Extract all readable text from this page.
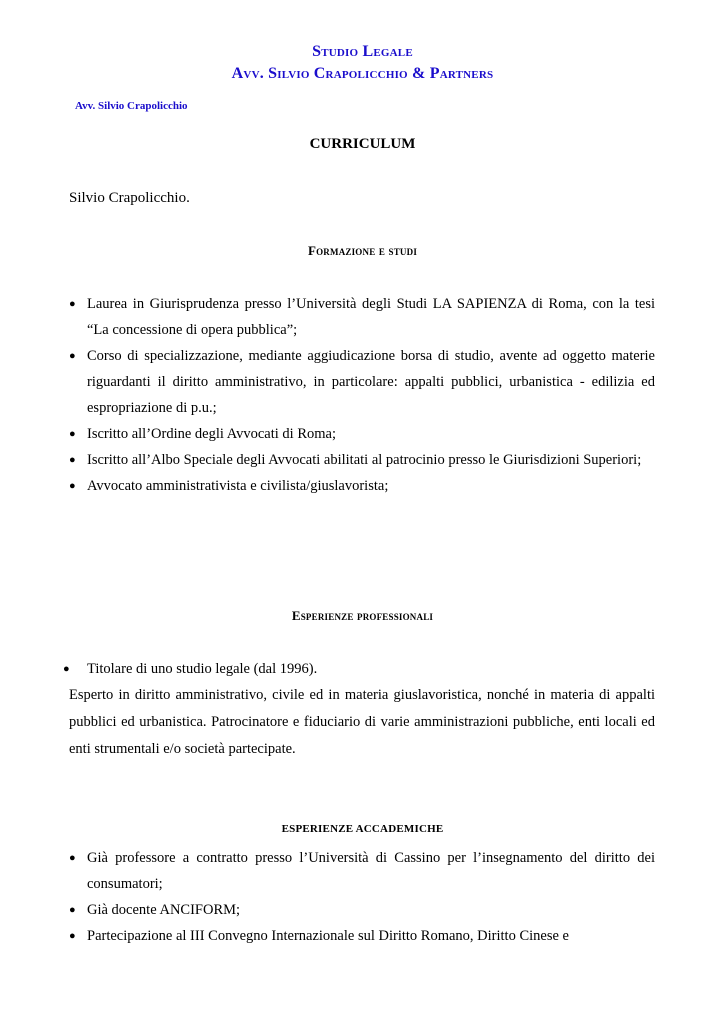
Studio Legale
Avv. Silvio Crapolicchio & Partners
Avv. Silvio Crapolicchio
CURRICULUM
Silvio Crapolicchio.
Formazione e studi
● Laurea in Giurisprudenza presso l’Università degli Studi LA SAPIENZA di Roma, con la tesi “La concessione di opera pubblica”;
● Corso di specializzazione, mediante aggiudicazione borsa di studio, avente ad oggetto materie riguardanti il diritto amministrativo, in particolare: appalti pubblici, urbanistica - edilizia ed espropriazione di p.u.;
● Iscritto all’Ordine degli Avvocati di Roma;
● Iscritto all’Albo Speciale degli Avvocati abilitati al patrocinio presso le Giurisdizioni Superiori;
● Avvocato amministrativista e civilista/giuslavorista;
Esperienze professionali
● Titolare di uno studio legale (dal 1996).
Esperto in diritto amministrativo, civile ed in materia giuslavoristica, nonché in materia di appalti pubblici ed urbanistica. Patrocinatore e fiduciario di varie amministrazioni pubbliche, enti locali ed enti strumentali e/o società partecipate.
ESPERIENZE ACCADEMICHE
● Già professore a contratto presso l’Università di Cassino per l’insegnamento del diritto dei consumatori;
● Già docente ANCIFORM;
● Partecipazione al III Convegno Internazionale sul Diritto Romano, Diritto Cinese e
